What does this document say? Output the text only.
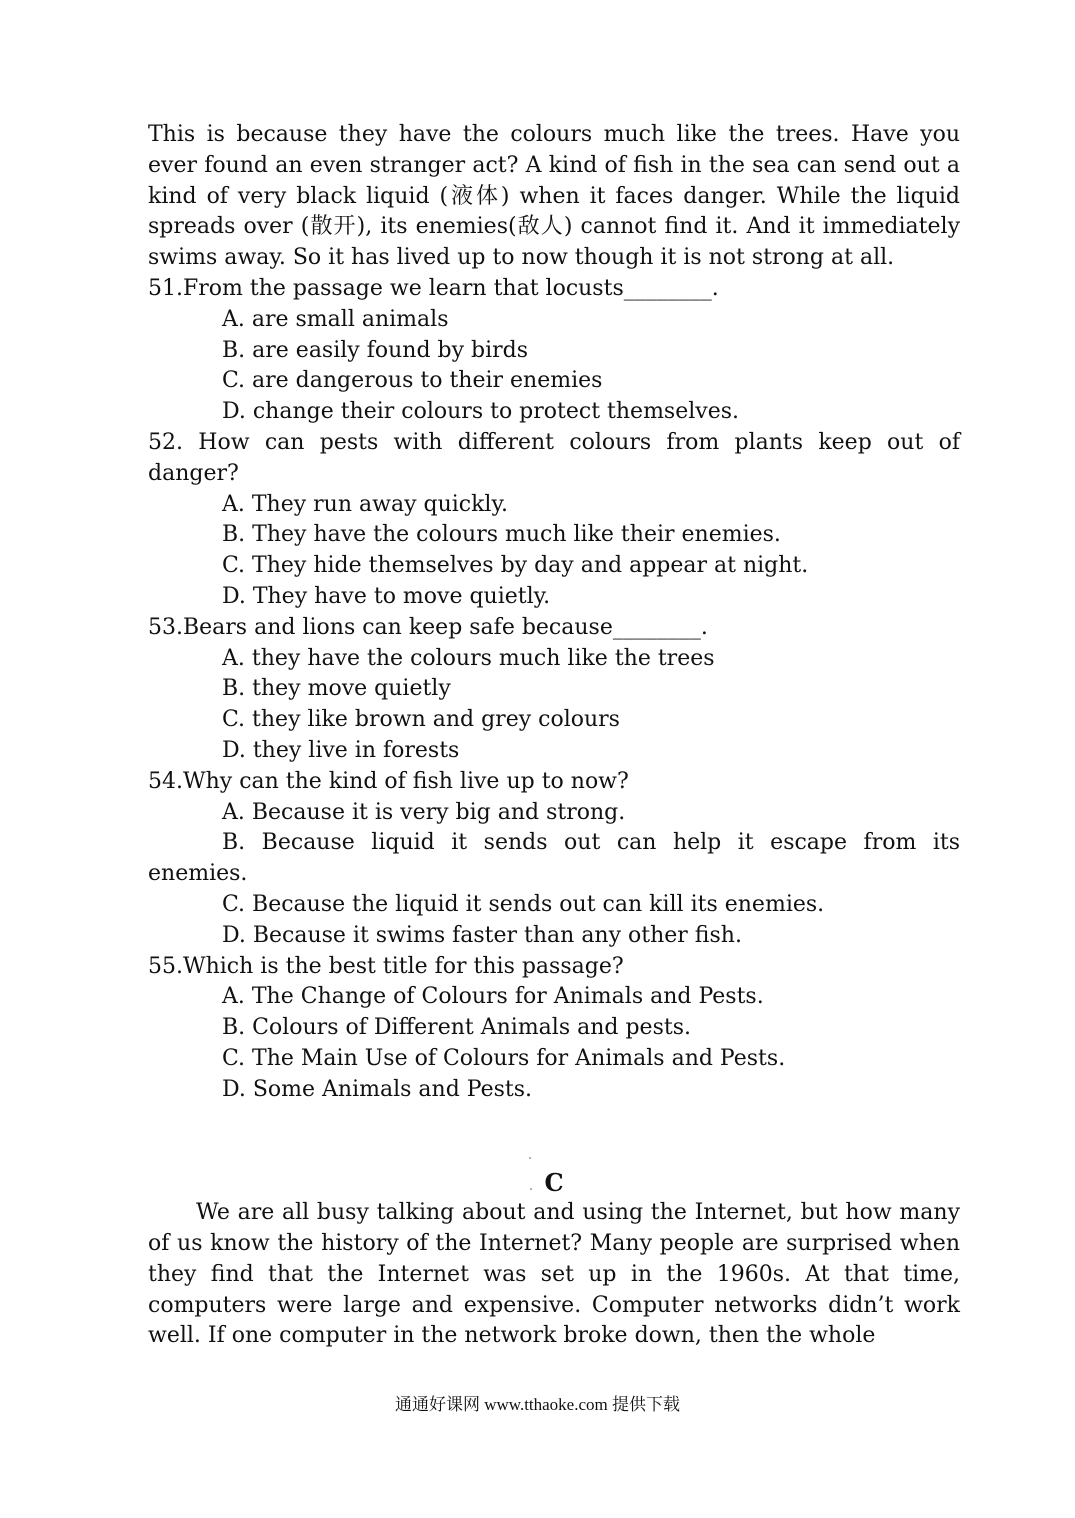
This is because they have the colours much like the trees. Have you ever found an even stranger act? A kind of fish in the sea can send out a kind of very black liquid (液体) when it faces danger. While the liquid spreads over (散开), its enemies(敌人) cannot find it. And it immediately swims away. So it has lived up to now though it is not strong at all.

51.From the passage we learn that locusts________.

A. are small animals

B. are easily found by birds

C. are dangerous to their enemies

D. change their colours to protect themselves.

52. How can pests with different colours from plants keep out of danger?

A. They run away quickly.

B. They have the colours much like their enemies.

C. They hide themselves by day and appear at night.

D. They have to move quietly.

53.Bears and lions can keep safe because________.

A. they have the colours much like the trees

B. they move quietly

C. they like brown and grey colours

D. they live in forests

54.Why can the kind of fish live up to now?

A. Because it is very big and strong.

B. Because liquid it sends out can help it escape from its enemies.

C. Because the liquid it sends out can kill its enemies.

D. Because it swims faster than any other fish.

55.Which is the best title for this passage?

A. The Change of Colours for Animals and Pests.

B. Colours of Different Animals and pests.

C. The Main Use of Colours for Animals and Pests.

D. Some Animals and Pests.

C

We are all busy talking about and using the Internet, but how many of us know the history of the Internet? Many people are surprised when they find that the Internet was set up in the 1960s. At that time, computers were large and expensive. Computer networks didn’t work well. If one computer in the network broke down, then the whole

通通好课网 www.tthaoke.com 提供下载
